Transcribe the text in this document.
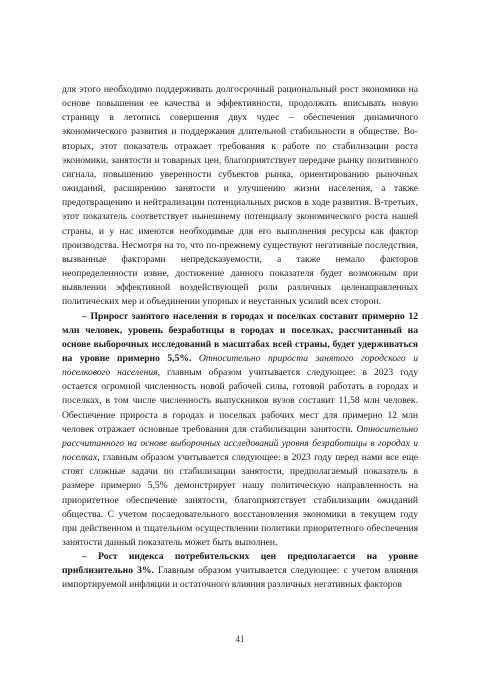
для этого необходимо поддерживать долгосрочный рациональный рост экономики на основе повышения ее качества и эффективности, продолжать вписывать новую страницу в летопись совершения двух чудес – обеспечения динамичного экономического развития и поддержания длительной стабильности в обществе. Во-вторых, этот показатель отражает требования к работе по стабилизации роста экономики, занятости и товарных цен, благоприятствует передаче рынку позитивного сигнала, повышению уверенности субъектов рынка, ориентированию рыночных ожиданий, расширению занятости и улучшению жизни населения, а также предотвращению и нейтрализации потенциальных рисков в ходе развития. В-третьих, этот показатель соответствует нынешнему потенциалу экономического роста нашей страны, и у нас имеются необходимые для его выполнения ресурсы как фактор производства. Несмотря на то, что по-прежнему существуют негативные последствия, вызванные факторами непредсказуемости, а также немало факторов неопределенности извне, достижение данного показателя будет возможным при выявлении эффективной воздействующей роли различных целенаправленных политических мер и объединении упорных и неустанных усилий всех сторон.

– Прирост занятого населения в городах и поселках составит примерно 12 млн человек, уровень безработицы в городах и поселках, рассчитанный на основе выборочных исследований в масштабах всей страны, будет удерживаться на уровне примерно 5,5%. Относительно прироста занятого городского и поселкового населения, главным образом учитывается следующее: в 2023 году остается огромной численность новой рабочей силы, готовой работать в городах и поселках, в том числе численность выпускников вузов составит 11,58 млн человек. Обеспечение прироста в городах и поселках рабочих мест для примерно 12 млн человек отражает основные требования для стабилизации занятости. Относительно рассчитанного на основе выборочных исследований уровня безработицы в городах и поселках, главным образом учитывается следующее: в 2023 году перед нами все еще стоят сложные задачи по стабилизации занятости, предполагаемый показатель в размере примерно 5,5% демонстрирует нашу политическую направленность на приоритетное обеспечение занятости, благоприятствует стабилизации ожиданий общества. С учетом последовательного восстановления экономики в текущем году при действенном и тщательном осуществлении политики приоритетного обеспечения занятости данный показатель может быть выполнен.

– Рост индекса потребительских цен предполагается на уровне приблизительно 3%. Главным образом учитывается следующее: с учетом влияния импортируемой инфляции и остаточного влияния различных негативных факторов

41
